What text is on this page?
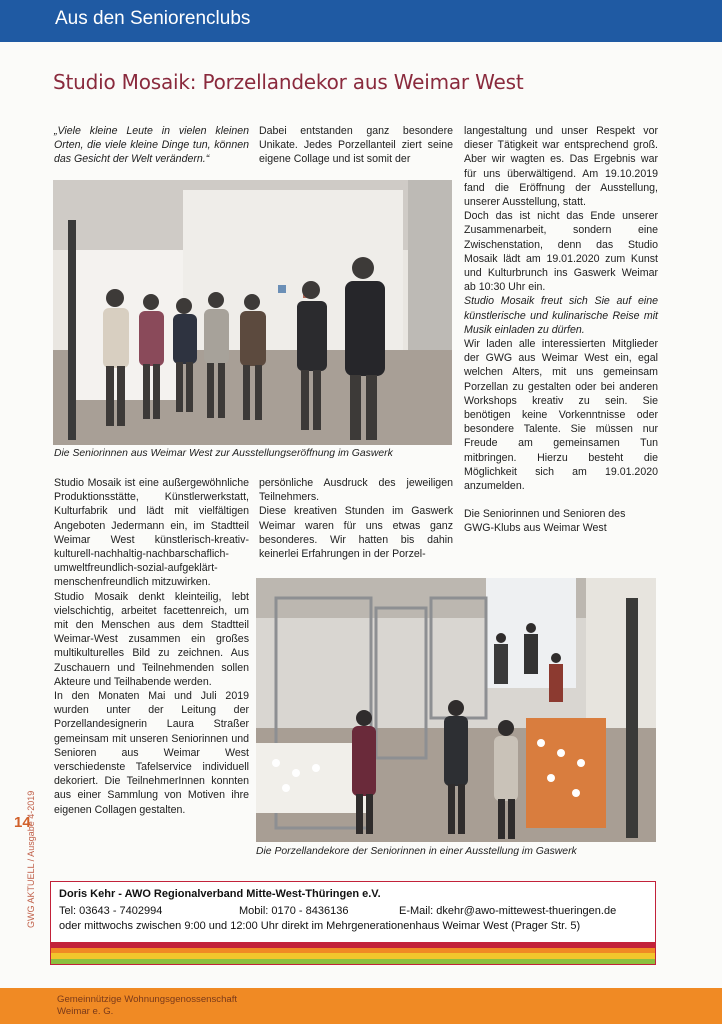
Aus den Seniorenclubs
Studio Mosaik: Porzellandekor aus Weimar West

„Viele kleine Leute in vielen kleinen Orten, die viele kleine Dinge tun, können das Gesicht der Welt verändern.“

Dabei entstanden ganz besondere Unikate. Jedes Porzellanteil ziert seine eigene Collage und ist somit der

langestaltung und unser Respekt vor dieser Tätigkeit war entsprechend groß. Aber wir wagten es. Das Ergebnis war für uns überwältigend. Am 19.10.2019 fand die Eröffnung der Ausstellung, unserer Ausstellung, statt.

Doch das ist nicht das Ende unserer Zusammenarbeit, sondern eine Zwischenstation, denn das Studio Mosaik lädt am 19.01.2020 zum Kunst und Kulturbrunch ins Gaswerk Weimar ab 10:30 Uhr ein.

Studio Mosaik freut sich Sie auf eine künstlerische und kulinarische Reise mit Musik einladen zu dürfen.

Wir laden alle interessierten Mitglieder der GWG aus Weimar West ein, egal welchen Alters, mit uns gemeinsam Porzellan zu gestalten oder bei anderen Workshops kreativ zu sein. Sie benötigen keine Vorkenntnisse oder besondere Talente. Sie müssen nur Freude am gemeinsamen Tun mitbringen. Hierzu besteht die Möglichkeit sich am 19.01.2020 anzumelden.

Die Seniorinnen und Senioren des GWG-Klubs aus Weimar West

Die Seniorinnen aus Weimar West zur Ausstellungseröffnung im Gaswerk

Studio Mosaik ist eine außergewöhnliche Produktionsstätte, Künstlerwerkstatt, Kulturfabrik und lädt mit vielfältigen Angeboten Jedermann ein, im Stadtteil Weimar West künstlerisch-kreativ-kulturell-nachhaltig-nachbarschaflich-umweltfreundlich-sozial-aufgeklärt-menschenfreundlich mitzuwirken.

Studio Mosaik denkt kleinteilig, lebt vielschichtig, arbeitet facettenreich, um mit den Menschen aus dem Stadtteil Weimar-West zusammen ein großes multikulturelles Bild zu zeichnen. Aus Zuschauern und Teilnehmenden sollen Akteure und Teilhabende werden.

In den Monaten Mai und Juli 2019 wurden unter der Leitung der Porzellandesignerin Laura Straßer gemeinsam mit unseren Seniorinnen und Senioren aus Weimar West verschiedenste Tafelservice individuell dekoriert. Die TeilnehmerInnen konnten aus einer Sammlung von Motiven ihre eigenen Collagen gestalten.

persönliche Ausdruck des jeweiligen Teilnehmers.

Diese kreativen Stunden im Gaswerk Weimar waren für uns etwas ganz besonderes. Wir hatten bis dahin keinerlei Erfahrungen in der Porzel-

Die Porzellandekore der Seniorinnen in einer Ausstellung im Gaswerk
GWG AKTUELL / Ausgabe 4-2019
14
Doris Kehr - AWO Regionalverband Mitte-West-Thüringen e.V.
Tel: 03643 - 7402994	Mobil: 0170 - 8436136	E-Mail: dkehr@awo-mittewest-thueringen.de
oder mittwochs zwischen 9:00 und 12:00 Uhr direkt im Mehrgenerationenhaus Weimar West (Prager Str. 5)
Gemeinnützige Wohnungsgenossenschaft
Weimar e. G.
